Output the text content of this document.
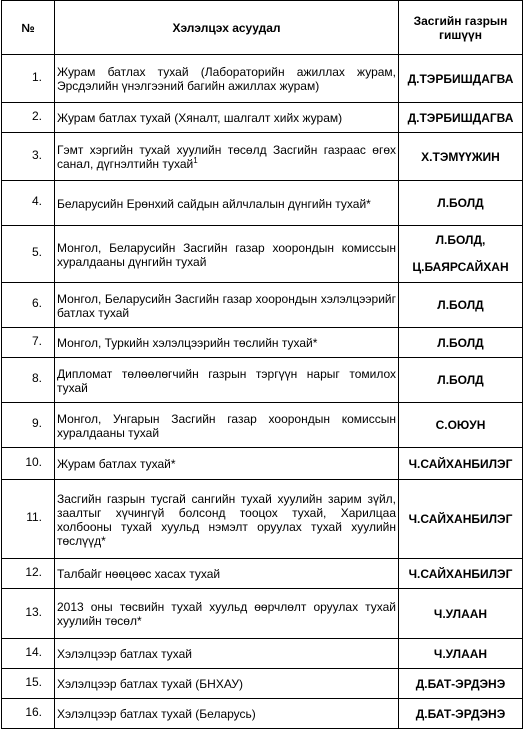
№	Хэлэлцэх асуудал	Засгийн газрын гишүүн
1.	Журам батлах тухай (Лабораторийн ажиллах журам, Эрсдэлийн үнэлгээний багийн ажиллах журам)	Д.ТЭРБИШДАГВА
2.	Журам батлах тухай (Хяналт, шалгалт хийх журам)	Д.ТЭРБИШДАГВА
3.	Гэмт хэргийн тухай хуулийн төсөлд Засгийн газраас өгөх санал, дүгнэлтийн тухай$^1$	Х.ТЭМҮҮЖИН
4.	Беларусийн Ерөнхий сайдын айлчлалын дүнгийн тухай*	Л.БОЛД
5.	Монгол, Беларусийн Засгийн газар хоорондын комиссын хуралдааны дүнгийн тухай	Л.БОЛД,
Ц.БАЯРСАЙХАН
6.	Монгол, Беларусийн Засгийн газар хоорондын хэлэлцээрийг батлах тухай	Л.БОЛД
7.	Монгол, Туркийн хэлэлцээрийн төслийн тухай*	Л.БОЛД
8.	Дипломат төлөөлөгчийн газрын тэргүүн нарыг томилох тухай	Л.БОЛД
9.	Монгол, Унгарын Засгийн газар хоорондын комиссын хуралдааны тухай	С.ОЮУН
10.	Журам батлах тухай*	Ч.САЙХАНБИЛЭГ
11.	Засгийн газрын тусгай сангийн тухай хуулийн зарим зүйл, заалтыг хүчингүй болсонд тооцох тухай, Харилцаа холбооны тухай хуульд нэмэлт оруулах тухай хуулийн төслүүд*	Ч.САЙХАНБИЛЭГ
12.	Талбайг нөөцөөс хасах тухай	Ч.САЙХАНБИЛЭГ
13.	2013 оны төсвийн тухай хуульд өөрчлөлт оруулах тухай хуулийн төсөл*	Ч.УЛААН
14.	Хэлэлцээр батлах тухай	Ч.УЛААН
15.	Хэлэлцээр батлах тухай (БНХАУ)	Д.БАТ-ЭРДЭНЭ
16.	Хэлэлцээр батлах тухай (Беларусь)	Д.БАТ-ЭРДЭНЭ
